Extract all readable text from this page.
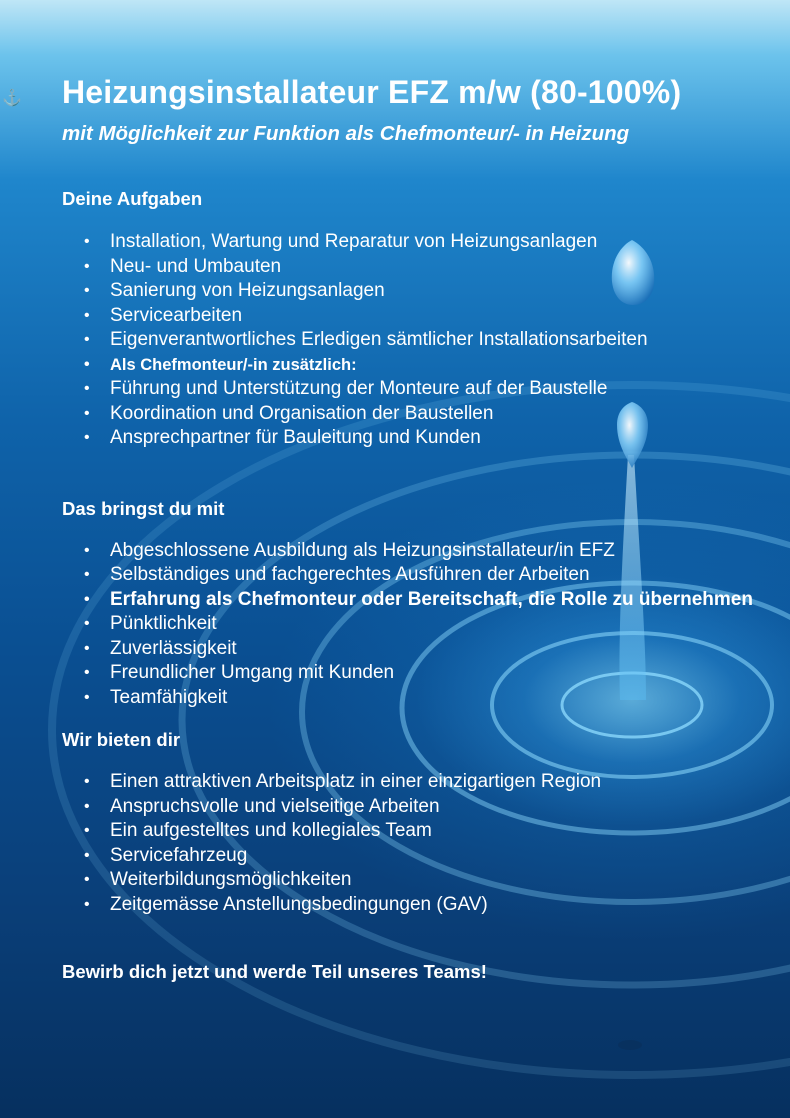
⚓ Heizungsinstallateur EFZ m/w (80-100%)

mit Möglichkeit zur Funktion als Chefmonteur/- in Heizung

Deine Aufgaben
• Installation, Wartung und Reparatur von Heizungsanlagen
• Neu- und Umbauten
• Sanierung von Heizungsanlagen
• Servicearbeiten
• Eigenverantwortliches Erledigen sämtlicher Installationsarbeiten
• Als Chefmonteur/-in zusätzlich:
• Führung und Unterstützung der Monteure auf der Baustelle
• Koordination und Organisation der Baustellen
• Ansprechpartner für Bauleitung und Kunden
Das bringst du mit
• Abgeschlossene Ausbildung als Heizungsinstallateur/in EFZ
• Selbständiges und fachgerechtes Ausführen der Arbeiten
• Erfahrung als Chefmonteur oder Bereitschaft, die Rolle zu übernehmen
• Pünktlichkeit
• Zuverlässigkeit
• Freundlicher Umgang mit Kunden
• Teamfähigkeit
Wir bieten dir
• Einen attraktiven Arbeitsplatz in einer einzigartigen Region
• Anspruchsvolle und vielseitige Arbeiten
• Ein aufgestelltes und kollegiales Team
• Servicefahrzeug
• Weiterbildungsmöglichkeiten
• Zeitgemässe Anstellungsbedingungen (GAV)

Bewirb dich jetzt und werde Teil unseres Teams!
